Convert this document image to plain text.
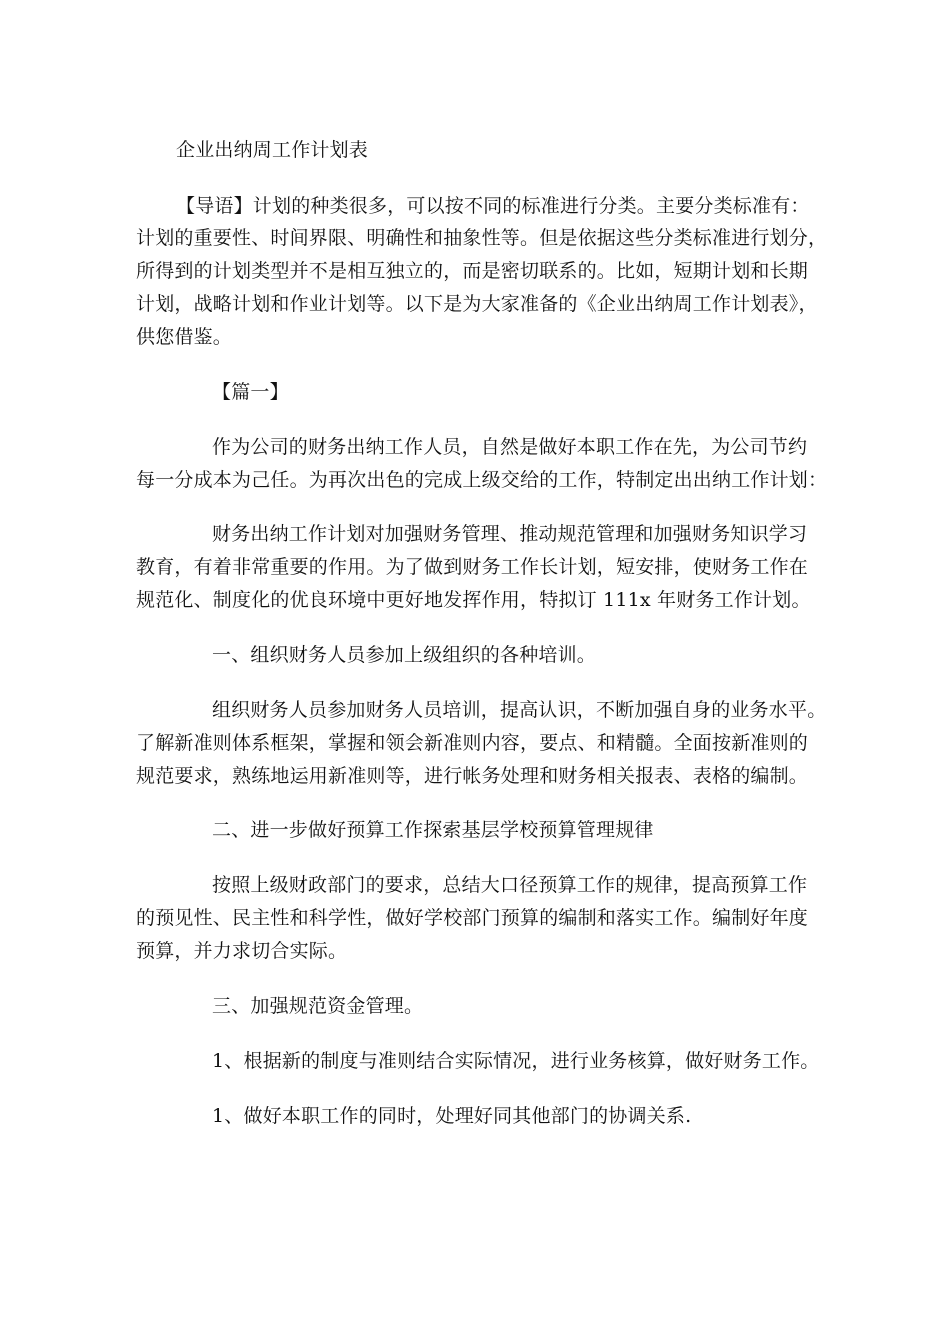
企业出纳周工作计划表
【导语】计划的种类很多，可以按不同的标准进行分类。主要分类标准有：
计划的重要性、时间界限、明确性和抽象性等。但是依据这些分类标准进行划分，
所得到的计划类型并不是相互独立的，而是密切联系的。比如，短期计划和长期
计划，战略计划和作业计划等。以下是为大家准备的《企业出纳周工作计划表》，
供您借鉴。
【篇一】
作为公司的财务出纳工作人员，自然是做好本职工作在先，为公司节约
每一分成本为己任。为再次出色的完成上级交给的工作，特制定出出纳工作计划：
财务出纳工作计划对加强财务管理、推动规范管理和加强财务知识学习
教育，有着非常重要的作用。为了做到财务工作长计划，短安排，使财务工作在
规范化、制度化的优良环境中更好地发挥作用，特拟订 111x 年财务工作计划。
一、组织财务人员参加上级组织的各种培训。
组织财务人员参加财务人员培训，提高认识，不断加强自身的业务水平。
了解新准则体系框架，掌握和领会新准则内容，要点、和精髓。全面按新准则的
规范要求，熟练地运用新准则等，进行帐务处理和财务相关报表、表格的编制。
二、进一步做好预算工作探索基层学校预算管理规律
按照上级财政部门的要求，总结大口径预算工作的规律，提高预算工作
的预见性、民主性和科学性，做好学校部门预算的编制和落实工作。编制好年度
预算，并力求切合实际。
三、加强规范资金管理。
1、根据新的制度与准则结合实际情况，进行业务核算，做好财务工作。
1、做好本职工作的同时，处理好同其他部门的协调关系.
